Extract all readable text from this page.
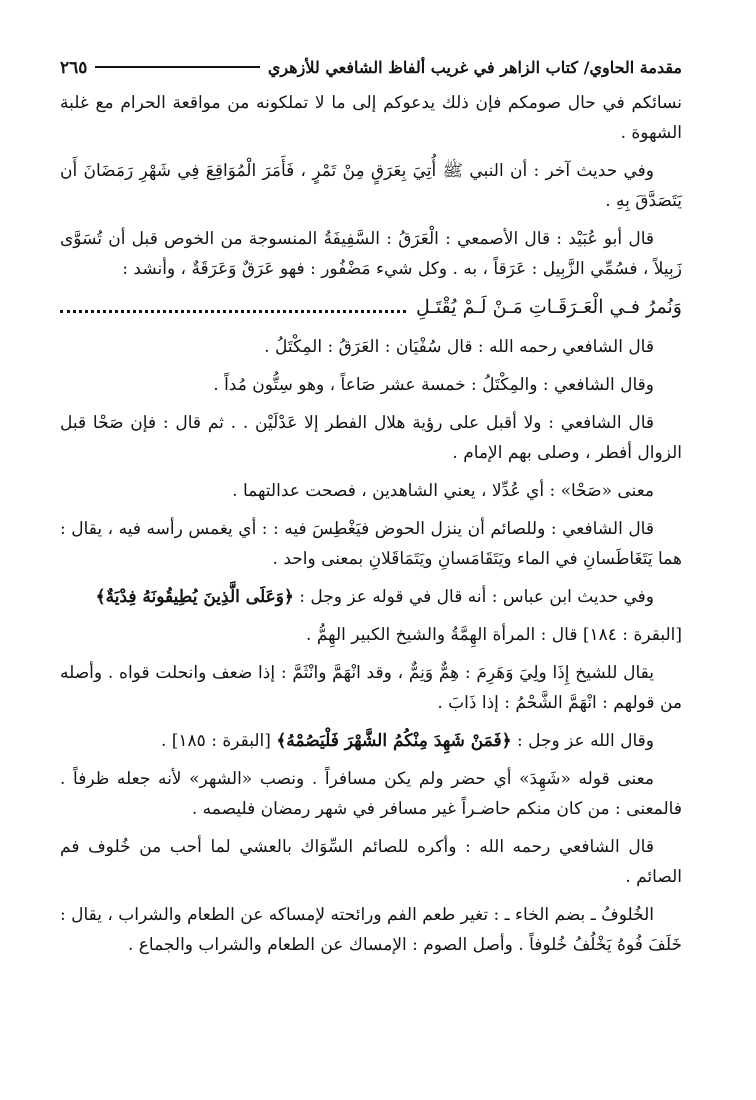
مقدمة الحاوي/ كتاب الزاهر في غريب ألفاظ الشافعي للأزهري
٢٦٥

نسائكم في حال صومكم فإن ذلك يدعوكم إلى ما لا تملكونه من مواقعة الحرام مع غلبة الشهوة .

وفي حديث آخر : أن النبي ﷺ أُتِيَ بِعَرَقٍ مِنْ تَمْرٍ ، فَأَمَرَ الْمُوَاقِعَ فِي شَهْرِ رَمَضَانَ أَن يَتَصَدَّقَ بِهِ .

قال أبو عُبَيْد : قال الأصمعي : الْعَرَقُ : السَّفِيفَةُ المنسوجة من الخوص قبل أن تُسَوَّى زَبِيلاً ، فسُمِّي الزَّبِيل : عَرَقاً ، به . وكل شيء مَضْفُور : فهو عَرَقٌ وَعَرَقَةٌ ، وأنشد :

وَنُمرُ فـي الْعَـرَقَـاتِ مَـنْ لَـمْ يُقْتَـلِ

قال الشافعي رحمه الله : قال سُفْيَان : العَرَقُ : المِكْتَلُ .

وقال الشافعي : والمِكْتَلُ : خمسة عشر صَاعاً ، وهو سِتُّون مُداً .

قال الشافعي : ولا أقبل على رؤية هلال الفطر إلا عَدْلَيْن . . ثم قال : فإن صَحْا قبل الزوال أفطر ، وصلى بهم الإمام .

معنى «صَحْا» : أي عُدِّلا ، يعني الشاهدين ، فصحت عدالتهما .

قال الشافعي : وللصائم أن ينزل الحوض فيَغْطِسَ فيه : : أي يغمس رأسه فيه ، يقال : هما يَتَغَاطَسانِ في الماء ويَتَقَامَسانِ ويَتَمَاقَلانِ بمعنى واحد .

وفي حديث ابن عباس : أنه قال في قوله عز وجل : ﴿وَعَلَى الَّذِينَ يُطِيقُونَهُ فِدْيَةٌ﴾

[البقرة : ١٨٤] قال : المرأة الهِمَّةُ والشيخ الكبير الهِمُّ .

يقال للشيخ إِذَا ولِيَ وَهَرِمَ : هِمٌّ وَنِمٌّ ، وقد انْهَمَّ وانْثَمَّ : إذا ضعف وانحلت قواه . وأصله من قولهم : انْهَمَّ الشَّحْمُ : إذا ذَابَ .

وقال الله عز وجل : ﴿فَمَنْ شَهِدَ مِنْكُمُ الشَّهْرَ فَلْيَصُمْهُ﴾ [البقرة : ١٨٥] .

معنى قوله «شَهِدَ» أي حضر ولم يكن مسافراً . ونصب «الشهر» لأنه جعله ظرفاً . فالمعنى : من كان منكم حاضـراً غير مسافر في شهر رمضان فليصمه .

قال الشافعي رحمه الله : وأكره للصائم السِّوَاك بالعشي لما أحب من خُلوف فم الصائم .

الخُلوفُ ـ بضم الخاء ـ : تغير طعم الفم ورائحته لإمساكه عن الطعام والشراب ، يقال : خَلَفَ فُوهُ يَخْلُفُ خُلوفاً . وأصل الصوم : الإمساك عن الطعام والشراب والجماع .
